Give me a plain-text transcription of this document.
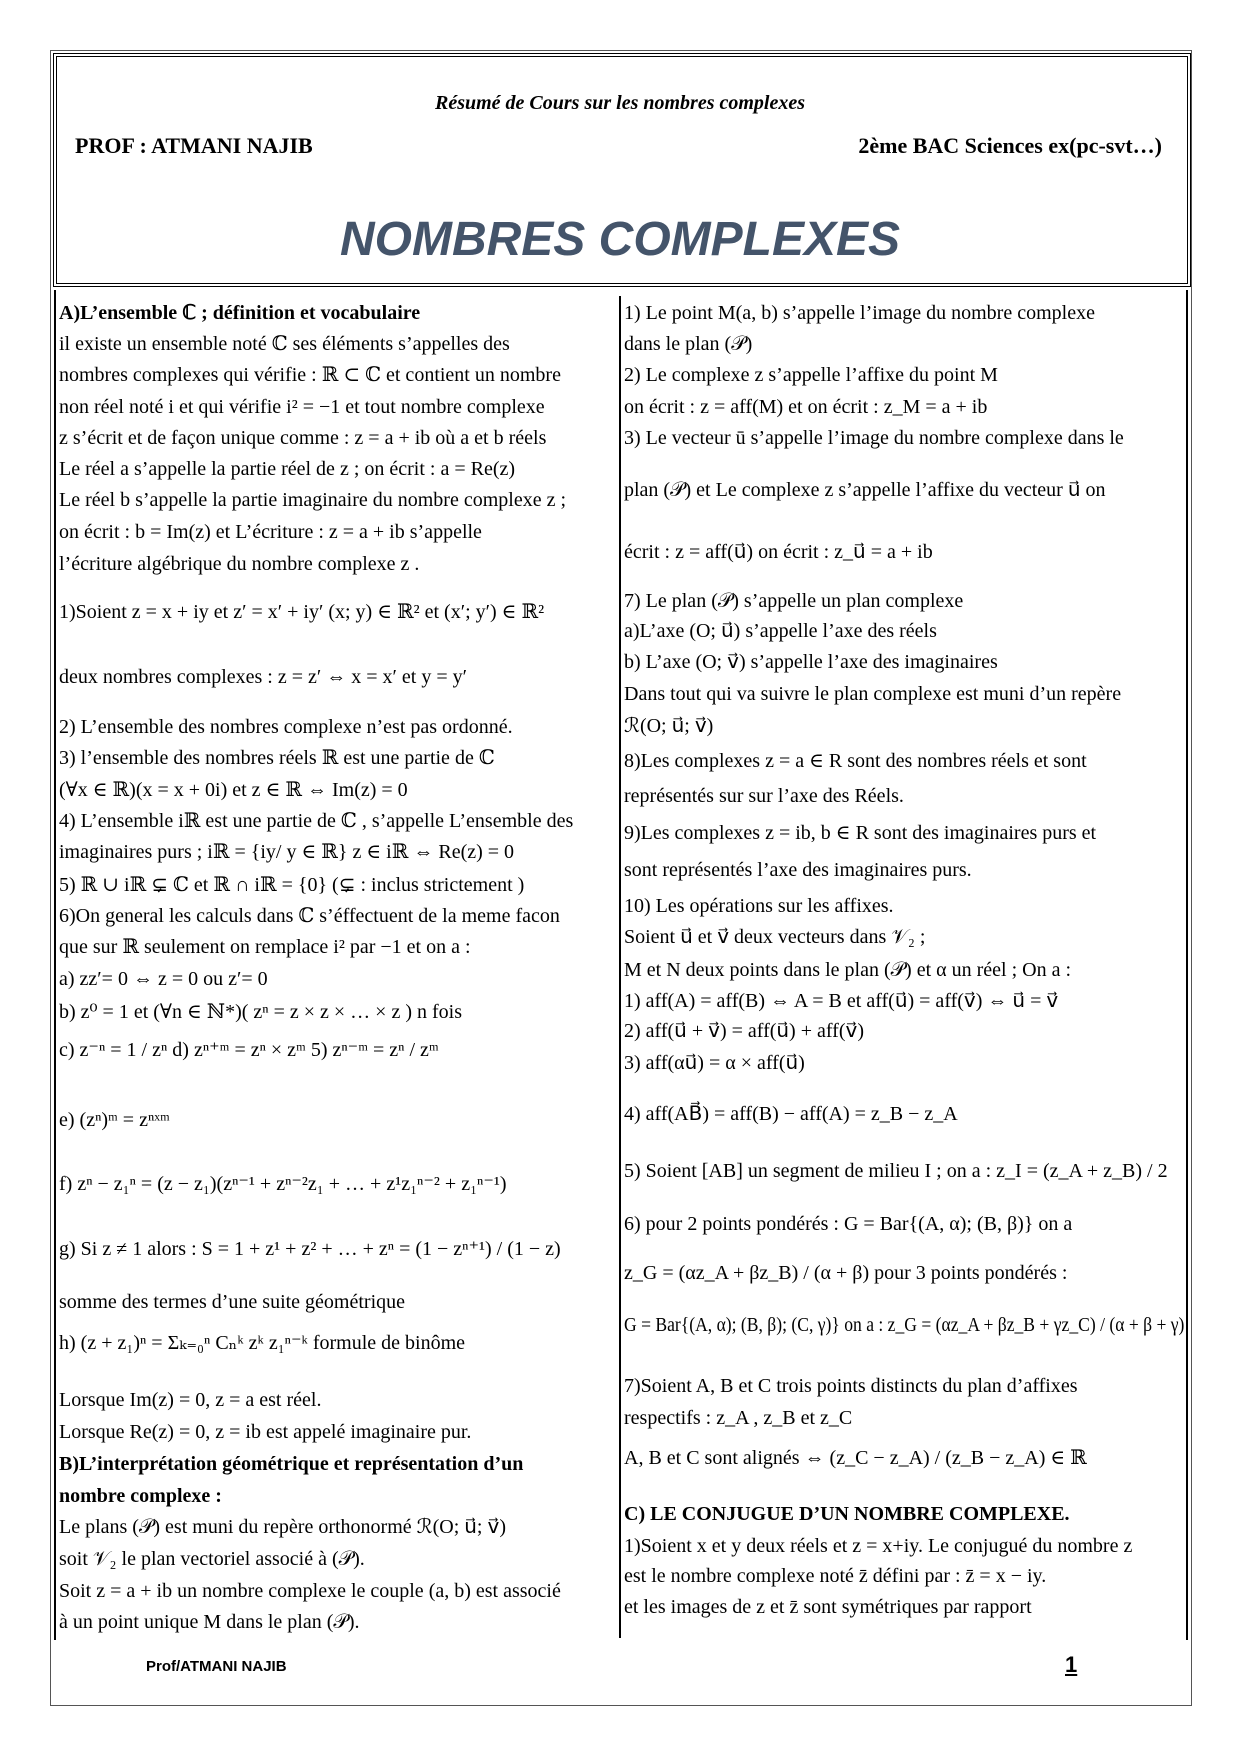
Résumé de Cours sur les nombres complexes
PROF : ATMANI NAJIB	2ème BAC Sciences ex(pc-svt…)
NOMBRES COMPLEXES
A)L’ensemble ℂ ; définition et vocabulaire
il existe un ensemble noté ℂ ses éléments s’appelles des
nombres complexes qui vérifie : ℝ ⊂ ℂ et contient un nombre
non réel noté i et qui vérifie i² = −1 et tout nombre complexe
z s’écrit et de façon unique comme : z = a + ib où a et b réels
Le réel a s’appelle la partie réel de z ; on écrit : a = Re(z)
Le réel b s’appelle la partie imaginaire du nombre complexe z ;
on écrit : b = Im(z) et L’écriture : z = a + ib s’appelle
l’écriture algébrique du nombre complexe z .
1)Soient z = x + iy et z′ = x′ + iy′ (x; y) ∈ ℝ² et (x′; y′) ∈ ℝ²
deux nombres complexes : z = z′ ⇔ x = x′ et y = y′
2) L’ensemble des nombres complexe n’est pas ordonné.
3) l’ensemble des nombres réels ℝ est une partie de ℂ
(∀x ∈ ℝ)(x = x + 0i) et z ∈ ℝ ⇔ Im(z) = 0
4) L’ensemble iℝ est une partie de ℂ , s’appelle L’ensemble des
imaginaires purs ; iℝ = {iy/ y ∈ ℝ} z ∈ iℝ ⇔ Re(z) = 0
5) ℝ ∪ iℝ ⊊ ℂ et ℝ ∩ iℝ = {0} (⊊ : inclus strictement )
6)On general les calculs dans ℂ s’éffectuent de la meme facon
que sur ℝ seulement on remplace i² par −1 et on a :
a) zz′= 0 ⇔ z = 0 ou z′= 0
b) z⁰ = 1 et (∀n ∈ ℕ*)( zⁿ = z × z × … × z ) n fois
c) z⁻ⁿ = 1 / zⁿ d) zⁿ⁺ᵐ = zⁿ × zᵐ 5) zⁿ⁻ᵐ = zⁿ / zᵐ
e) (zⁿ)ᵐ = zⁿˣᵐ
f) zⁿ − z₁ⁿ = (z − z₁)(zⁿ⁻¹ + zⁿ⁻²z₁ + … + z¹z₁ⁿ⁻² + z₁ⁿ⁻¹)
g) Si z ≠ 1 alors : S = 1 + z¹ + z² + … + zⁿ = (1 − zⁿ⁺¹) / (1 − z)
somme des termes d’une suite géométrique
h) (z + z₁)ⁿ = Σₖ₌₀ⁿ Cₙᵏ zᵏ z₁ⁿ⁻ᵏ formule de binôme
Lorsque Im(z) = 0, z = a est réel.
Lorsque Re(z) = 0, z = ib est appelé imaginaire pur.
B)L’interprétation géométrique et représentation d’un
nombre complexe :
Le plans (𝒫) est muni du repère orthonormé ℛ(O; u⃗; v⃗)
soit 𝒱₂ le plan vectoriel associé à (𝒫).
Soit z = a + ib un nombre complexe le couple (a, b) est associé
à un point unique M dans le plan (𝒫).
1) Le point M(a, b) s’appelle l’image du nombre complexe
dans le plan (𝒫)
2) Le complexe z s’appelle l’affixe du point M
on écrit : z = aff(M) et on écrit : z_M = a + ib
3) Le vecteur ū s’appelle l’image du nombre complexe dans le
plan (𝒫) et Le complexe z s’appelle l’affixe du vecteur u⃗ on
écrit : z = aff(u⃗) on écrit : z_u⃗ = a + ib
7) Le plan (𝒫) s’appelle un plan complexe
a)L’axe (O; u⃗) s’appelle l’axe des réels
b) L’axe (O; v⃗) s’appelle l’axe des imaginaires
Dans tout qui va suivre le plan complexe est muni d’un repère
ℛ(O; u⃗; v⃗)
8)Les complexes z = a ∈ R sont des nombres réels et sont
représentés sur sur l’axe des Réels.
9)Les complexes z = ib, b ∈ R sont des imaginaires purs et
sont représentés l’axe des imaginaires purs.
10) Les opérations sur les affixes.
Soient u⃗ et v⃗ deux vecteurs dans 𝒱₂ ;
M et N deux points dans le plan (𝒫) et α un réel ; On a :
1) aff(A) = aff(B) ⇔ A = B et aff(u⃗) = aff(v⃗) ⇔ u⃗ = v⃗
2) aff(u⃗ + v⃗) = aff(u⃗) + aff(v⃗)
3) aff(αu⃗) = α × aff(u⃗)
4) aff(AB⃗) = aff(B) − aff(A) = z_B − z_A
5) Soient [AB] un segment de milieu I ; on a : z_I = (z_A + z_B) / 2
6) pour 2 points pondérés : G = Bar{(A, α); (B, β)} on a
z_G = (αz_A + βz_B) / (α + β) pour 3 points pondérés :
G = Bar{(A, α); (B, β); (C, γ)} on a : z_G = (αz_A + βz_B + γz_C) / (α + β + γ)
7)Soient A, B et C trois points distincts du plan d’affixes
respectifs : z_A , z_B et z_C
A, B et C sont alignés ⇔ (z_C − z_A) / (z_B − z_A) ∈ ℝ
C) LE CONJUGUE D’UN NOMBRE COMPLEXE.
1)Soient x et y deux réels et z = x+iy. Le conjugué du nombre z
est le nombre complexe noté z̄ défini par : z̄ = x − iy.
et les images de z et z̄ sont symétriques par rapport
Prof/ATMANI NAJIB	1
